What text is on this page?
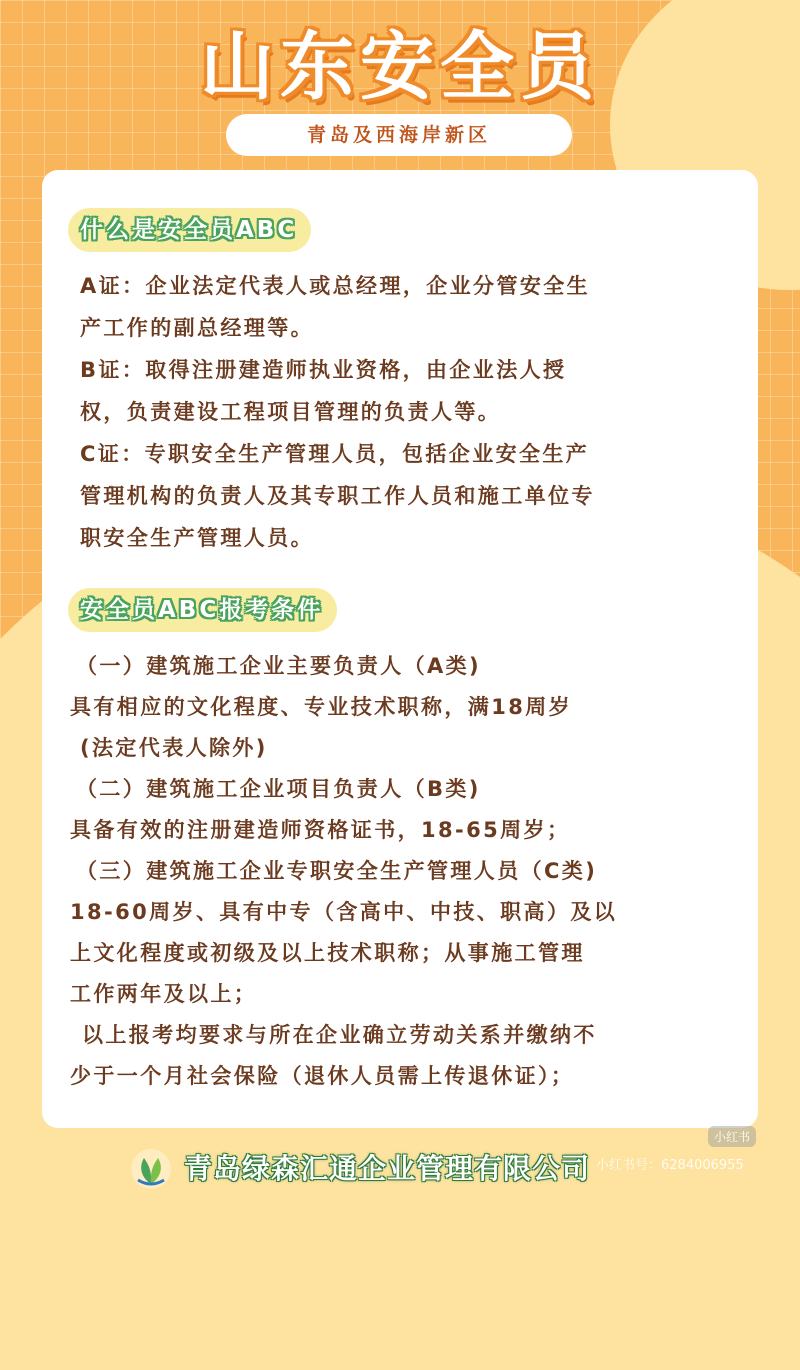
山东安全员
青岛及西海岸新区
什么是安全员ABC
A证：企业法定代表人或总经理，企业分管安全生
产工作的副总经理等。
B证：取得注册建造师执业资格，由企业法人授
权，负责建设工程项目管理的负责人等。
C证：专职安全生产管理人员，包括企业安全生产
管理机构的负责人及其专职工作人员和施工单位专
职安全生产管理人员。
安全员ABC报考条件
（一）建筑施工企业主要负责人（A类)
具有相应的文化程度、专业技术职称，满18周岁
(法定代表人除外)
（二）建筑施工企业项目负责人（B类)
具备有效的注册建造师资格证书，18-65周岁；
（三）建筑施工企业专职安全生产管理人员（C类)
18-60周岁、具有中专（含高中、中技、职高）及以
上文化程度或初级及以上技术职称；从事施工管理
工作两年及以上；
以上报考均要求与所在企业确立劳动关系并缴纳不
少于一个月社会保险（退休人员需上传退休证）；
青岛绿森汇通企业管理有限公司
小红书
小红书号：6284006955
